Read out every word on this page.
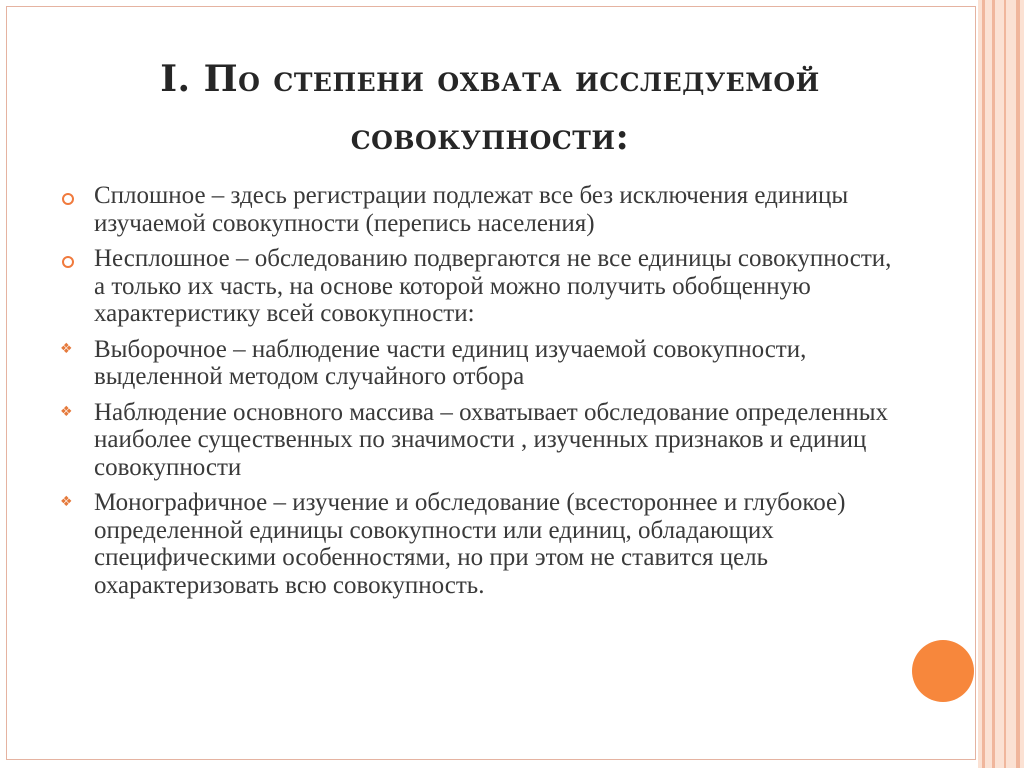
I. По степени охвата исследуемой совокупности:
Сплошное – здесь регистрации подлежат все без исключения единицы изучаемой совокупности (перепись населения)
Несплошное – обследованию подвергаются не все единицы совокупности, а только их часть, на основе которой можно получить обобщенную характеристику всей совокупности:
❖ Выборочное – наблюдение части единиц изучаемой совокупности, выделенной методом случайного отбора
❖ Наблюдение основного массива – охватывает обследование определенных наиболее существенных по значимости , изученных признаков и единиц совокупности
❖ Монографичное – изучение и обследование (всестороннее и глубокое) определенной единицы совокупности или единиц, обладающих специфическими особенностями, но при этом не ставится цель охарактеризовать всю совокупность.
